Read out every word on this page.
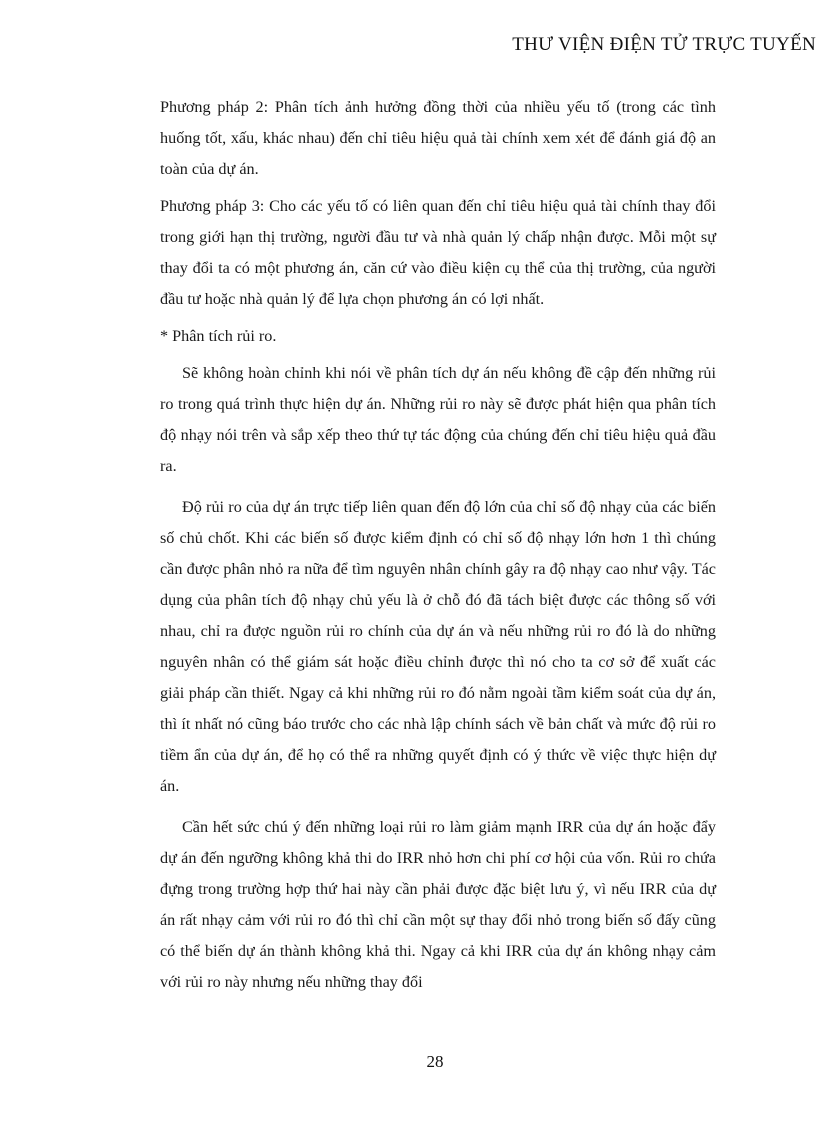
THƯ VIỆN ĐIỆN TỬ TRỰC TUYẾN

Phương pháp 2: Phân tích ảnh hưởng đồng thời của nhiều yếu tố (trong các tình huống tốt, xấu, khác nhau) đến chỉ tiêu hiệu quả tài chính xem xét để đánh giá độ an toàn của dự án.

Phương pháp 3: Cho các yếu tố có liên quan đến chỉ tiêu hiệu quả tài chính thay đổi trong giới hạn thị trường, người đầu tư và nhà quản lý chấp nhận được. Mỗi một sự thay đổi ta có một phương án, căn cứ vào điều kiện cụ thể của thị trường, của người đầu tư hoặc nhà quản lý để lựa chọn phương án có lợi nhất.

* Phân tích rủi ro.

Sẽ không hoàn chỉnh khi nói về phân tích dự án nếu không đề cập đến những rủi ro trong quá trình thực hiện dự án. Những rủi ro này sẽ được phát hiện qua phân tích độ nhạy nói trên và sắp xếp theo thứ tự tác động của chúng đến chỉ tiêu hiệu quả đầu ra.

Độ rủi ro của dự án trực tiếp liên quan đến độ lớn của chỉ số độ nhạy của các biến số chủ chốt. Khi các biến số được kiểm định có chỉ số độ nhạy lớn hơn 1 thì chúng cần được phân nhỏ ra nữa để tìm nguyên nhân chính gây ra độ nhạy cao như vậy. Tác dụng của phân tích độ nhạy chủ yếu là ở chỗ đó đã tách biệt được các thông số với nhau, chỉ ra được nguồn rủi ro chính của dự án và nếu những rủi ro đó là do những nguyên nhân có thể giám sát hoặc điều chỉnh được thì nó cho ta cơ sở để xuất các giải pháp cần thiết. Ngay cả khi những rủi ro đó nằm ngoài tầm kiểm soát của dự án, thì ít nhất nó cũng báo trước cho các nhà lập chính sách về bản chất và mức độ rủi ro tiềm ẩn của dự án, để họ có thể ra những quyết định có ý thức về việc thực hiện dự án.

Cần hết sức chú ý đến những loại rủi ro làm giảm mạnh IRR của dự án hoặc đẩy dự án đến ngưỡng không khả thi do IRR nhỏ hơn chi phí cơ hội của vốn. Rủi ro chứa đựng trong trường hợp thứ hai này cần phải được đặc biệt lưu ý, vì nếu IRR của dự án rất nhạy cảm với rủi ro đó thì chỉ cần một sự thay đổi nhỏ trong biến số đấy cũng có thể biến dự án thành không khả thi. Ngay cả khi IRR của dự án không nhạy cảm với rủi ro này nhưng nếu những thay đổi

28
